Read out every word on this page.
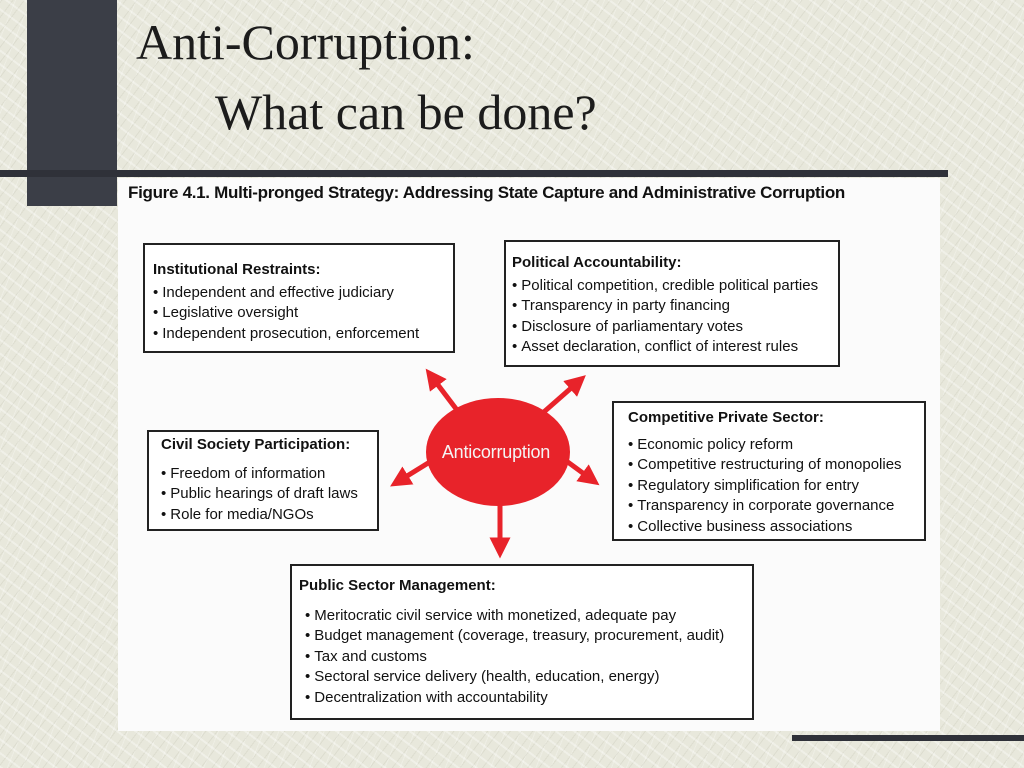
Anti-Corruption:
What can be done?

Figure 4.1. Multi-pronged Strategy: Addressing State Capture and Administrative Corruption

Anticorruption
Institutional Restraints:
• Independent and effective judiciary
• Legislative oversight
• Independent prosecution, enforcement
Political Accountability:
• Political competition, credible political parties
• Transparency in party financing
• Disclosure of parliamentary votes
• Asset declaration, conflict of interest rules
Civil Society Participation:
• Freedom of information
• Public hearings of draft laws
• Role for media/NGOs
Competitive Private Sector:
• Economic policy reform
• Competitive restructuring of monopolies
• Regulatory simplification for entry
• Transparency in corporate governance
• Collective business associations
Public Sector Management:
• Meritocratic civil service with monetized, adequate pay
• Budget management (coverage, treasury, procurement, audit)
• Tax and customs
• Sectoral service delivery (health, education, energy)
• Decentralization with accountability
